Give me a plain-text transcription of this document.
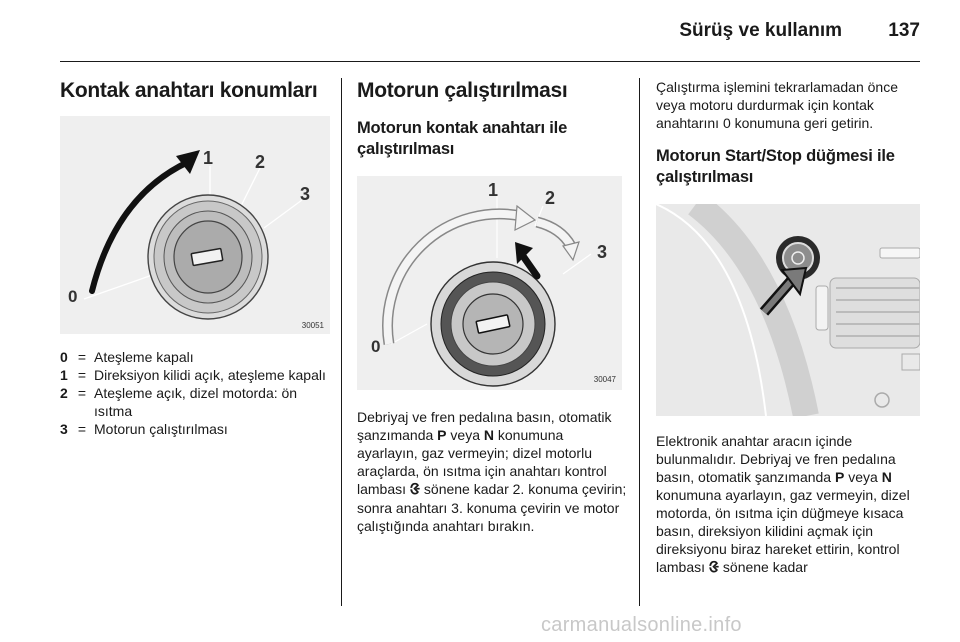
Sürüş ve kullanım 137
Kontak anahtarı konumları
0
1 2
3
30051
0 = Ateşleme kapalı
1 = Direksiyon kilidi açık, ateşleme kapalı
2 = Ateşleme açık, dizel motorda: ön ısıtma
3 = Motorun çalıştırılması
Motorun çalıştırılması
Motorun kontak anahtarı ile çalıştırılması
0
1	2
3
30047

Debriyaj ve fren pedalına basın, otomatik şanzımanda P veya N konumuna ayarlayın, gaz vermeyin; dizel motorlu araçlarda, ön ısıtma için anahtarı kontrol lambası ᱝ sönene kadar 2. konuma çevirin; sonra anahtarı 3. konuma çevirin ve motor çalıştığında anahtarı bırakın.

Çalıştırma işlemini tekrarlamadan önce veya motoru durdurmak için kontak anahtarını 0 konumuna geri getirin.

Motorun Start/Stop düğmesi ile çalıştırılması

Elektronik anahtar aracın içinde bulunmalıdır. Debriyaj ve fren pedalına basın, otomatik şanzımanda P veya N konumuna ayarlayın, gaz vermeyin, dizel motorda, ön ısıtma için düğmeye kısaca basın, direksiyon kilidini açmak için direksiyonu biraz hareket ettirin, kontrol lambası ᱝ sönene kadar

carmanualsonline.info
